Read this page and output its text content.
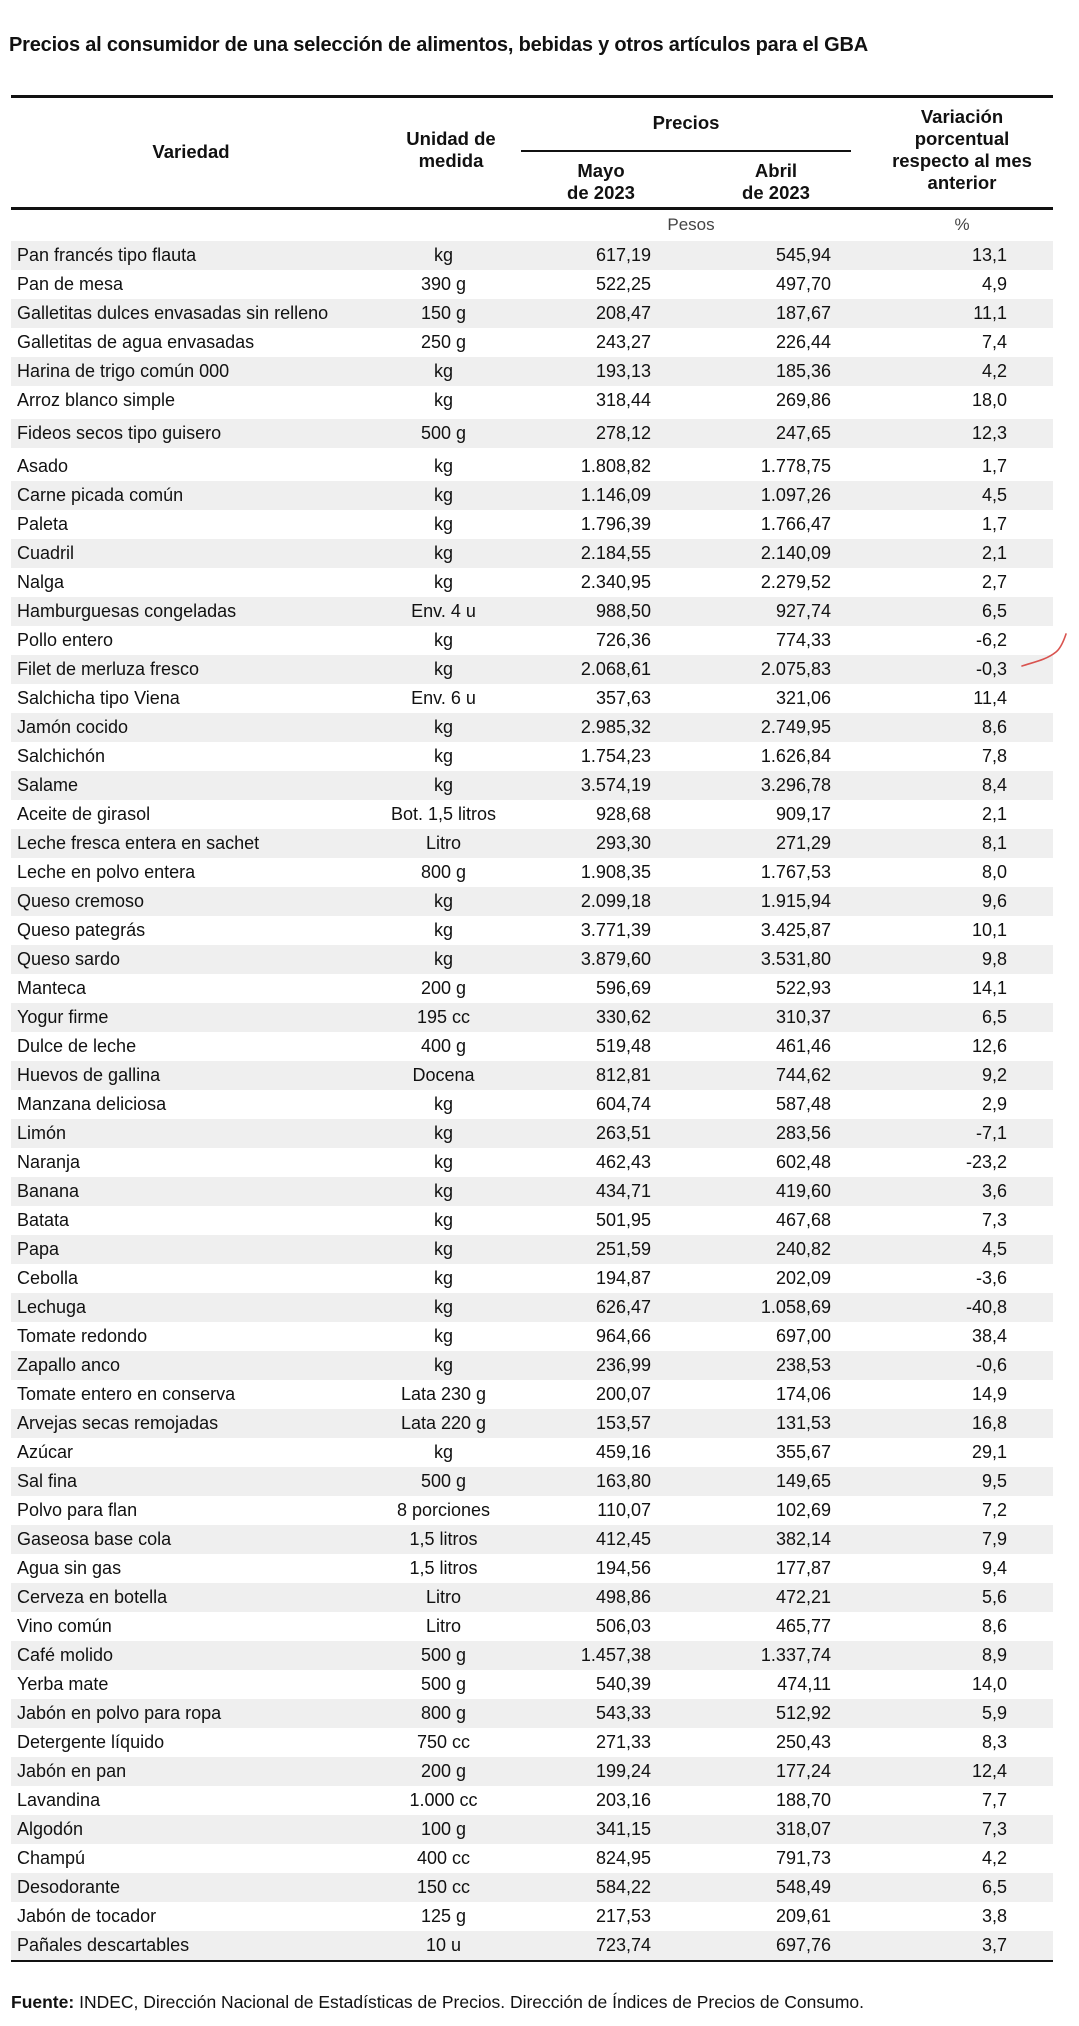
Precios al consumidor de una selección de alimentos, bebidas y otros artículos para el GBA
Variedad
Unidad de
medida
Precios
Mayo
de 2023
Abril
de 2023
Variación
porcentual
respecto al mes
anterior
Pesos	%
Pan francés tipo flauta	kg	617,19	545,94	13,1
Pan de mesa	390 g	522,25	497,70	4,9
Galletitas dulces envasadas sin relleno	150 g	208,47	187,67	11,1
Galletitas de agua envasadas	250 g	243,27	226,44	7,4
Harina de trigo común 000	kg	193,13	185,36	4,2
Arroz blanco simple	kg	318,44	269,86	18,0
Fideos secos tipo guisero	500 g	278,12	247,65	12,3
Asado	kg	1.808,82	1.778,75	1,7
Carne picada común	kg	1.146,09	1.097,26	4,5
Paleta	kg	1.796,39	1.766,47	1,7
Cuadril	kg	2.184,55	2.140,09	2,1
Nalga	kg	2.340,95	2.279,52	2,7
Hamburguesas congeladas	Env. 4 u	988,50	927,74	6,5
Pollo entero	kg	726,36	774,33	-6,2
Filet de merluza fresco	kg	2.068,61	2.075,83	-0,3
Salchicha tipo Viena	Env. 6 u	357,63	321,06	11,4
Jamón cocido	kg	2.985,32	2.749,95	8,6
Salchichón	kg	1.754,23	1.626,84	7,8
Salame	kg	3.574,19	3.296,78	8,4
Aceite de girasol	Bot. 1,5 litros	928,68	909,17	2,1
Leche fresca entera en sachet	Litro	293,30	271,29	8,1
Leche en polvo entera	800 g	1.908,35	1.767,53	8,0
Queso cremoso	kg	2.099,18	1.915,94	9,6
Queso pategrás	kg	3.771,39	3.425,87	10,1
Queso sardo	kg	3.879,60	3.531,80	9,8
Manteca	200 g	596,69	522,93	14,1
Yogur firme	195 cc	330,62	310,37	6,5
Dulce de leche	400 g	519,48	461,46	12,6
Huevos de gallina	Docena	812,81	744,62	9,2
Manzana deliciosa	kg	604,74	587,48	2,9
Limón	kg	263,51	283,56	-7,1
Naranja	kg	462,43	602,48	-23,2
Banana	kg	434,71	419,60	3,6
Batata	kg	501,95	467,68	7,3
Papa	kg	251,59	240,82	4,5
Cebolla	kg	194,87	202,09	-3,6
Lechuga	kg	626,47	1.058,69	-40,8
Tomate redondo	kg	964,66	697,00	38,4
Zapallo anco	kg	236,99	238,53	-0,6
Tomate entero en conserva	Lata 230 g	200,07	174,06	14,9
Arvejas secas remojadas	Lata 220 g	153,57	131,53	16,8
Azúcar	kg	459,16	355,67	29,1
Sal fina	500 g	163,80	149,65	9,5
Polvo para flan	8 porciones	110,07	102,69	7,2
Gaseosa base cola	1,5 litros	412,45	382,14	7,9
Agua sin gas	1,5 litros	194,56	177,87	9,4
Cerveza en botella	Litro	498,86	472,21	5,6
Vino común	Litro	506,03	465,77	8,6
Café molido	500 g	1.457,38	1.337,74	8,9
Yerba mate	500 g	540,39	474,11	14,0
Jabón en polvo para ropa	800 g	543,33	512,92	5,9
Detergente líquido	750 cc	271,33	250,43	8,3
Jabón en pan	200 g	199,24	177,24	12,4
Lavandina	1.000 cc	203,16	188,70	7,7
Algodón	100 g	341,15	318,07	7,3
Champú	400 cc	824,95	791,73	4,2
Desodorante	150 cc	584,22	548,49	6,5
Jabón de tocador	125 g	217,53	209,61	3,8
Pañales descartables	10 u	723,74	697,76	3,7
Fuente: INDEC, Dirección Nacional de Estadísticas de Precios. Dirección de Índices de Precios de Consumo.
